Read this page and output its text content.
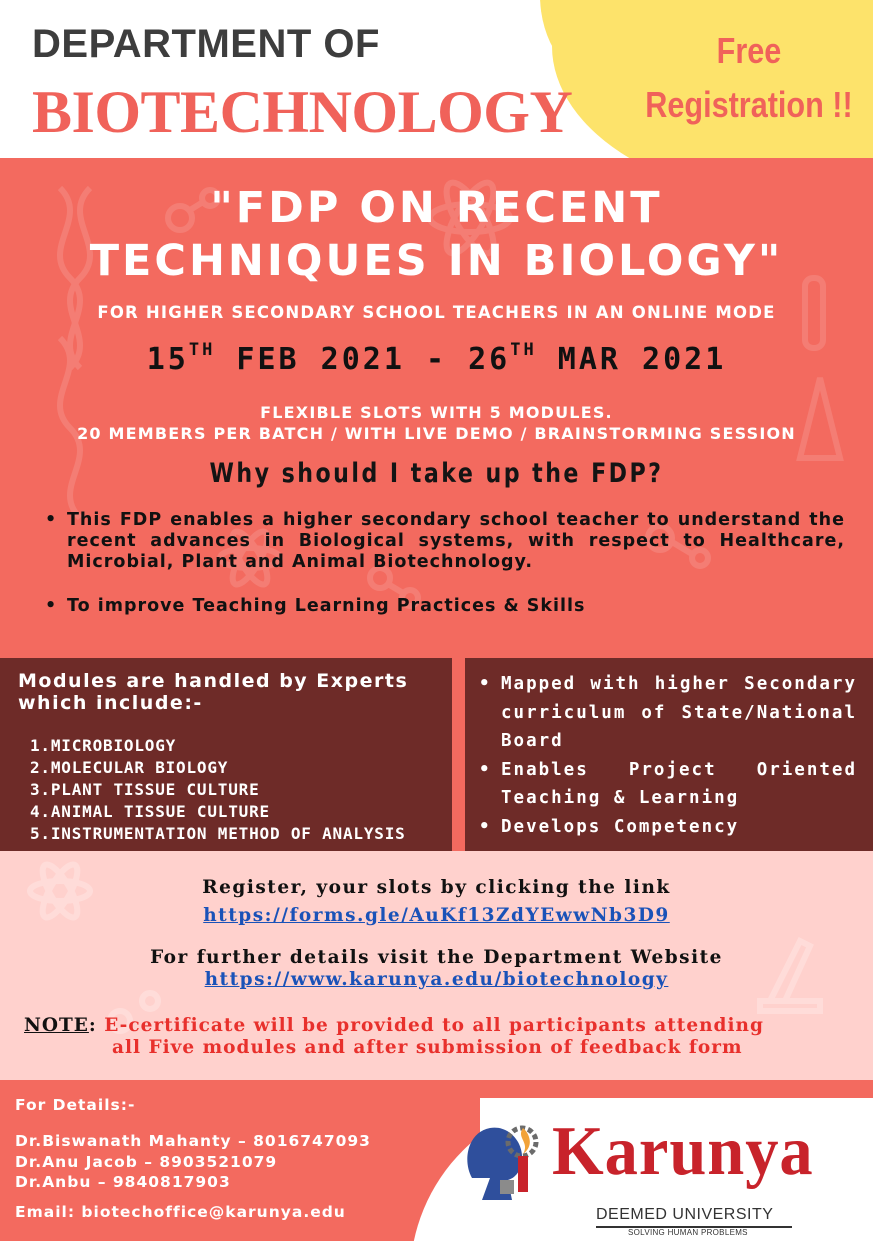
DEPARTMENT OF
BIOTECHNOLOGY
Free
Registration !!
"FDP ON RECENT
TECHNIQUES IN BIOLOGY"
FOR HIGHER SECONDARY SCHOOL TEACHERS IN AN ONLINE MODE
15TH FEB 2021 - 26TH MAR 2021
FLEXIBLE SLOTS WITH 5 MODULES.
20 MEMBERS PER BATCH / WITH LIVE DEMO / BRAINSTORMING SESSION
Why should I take up the FDP?
• This FDP enables a higher secondary school teacher to understand the recent advances in Biological systems, with respect to Healthcare, Microbial, Plant and Animal Biotechnology.
• To improve Teaching Learning Practices & Skills
Modules are handled by Experts
which include:-
1.MICROBIOLOGY
2.MOLECULAR BIOLOGY
3.PLANT TISSUE CULTURE
4.ANIMAL TISSUE CULTURE
5.INSTRUMENTATION METHOD OF ANALYSIS
• Mapped with higher Secondary curriculum of State/National Board
• Enables Project Oriented Teaching & Learning
• Develops Competency
Register, your slots by clicking the link
https://forms.gle/AuKf13ZdYEwwNb3D9
For further details visit the Department Website
https://www.karunya.edu/biotechnology
NOTE: E-certificate will be provided to all participants attending
all Five modules and after submission of feedback form
For Details:-
Dr.Biswanath Mahanty – 8016747093
Dr.Anu Jacob – 8903521079
Dr.Anbu – 9840817903
Email: biotechoffice@karunya.edu
Karunya
DEEMED UNIVERSITY
SOLVING HUMAN PROBLEMS
